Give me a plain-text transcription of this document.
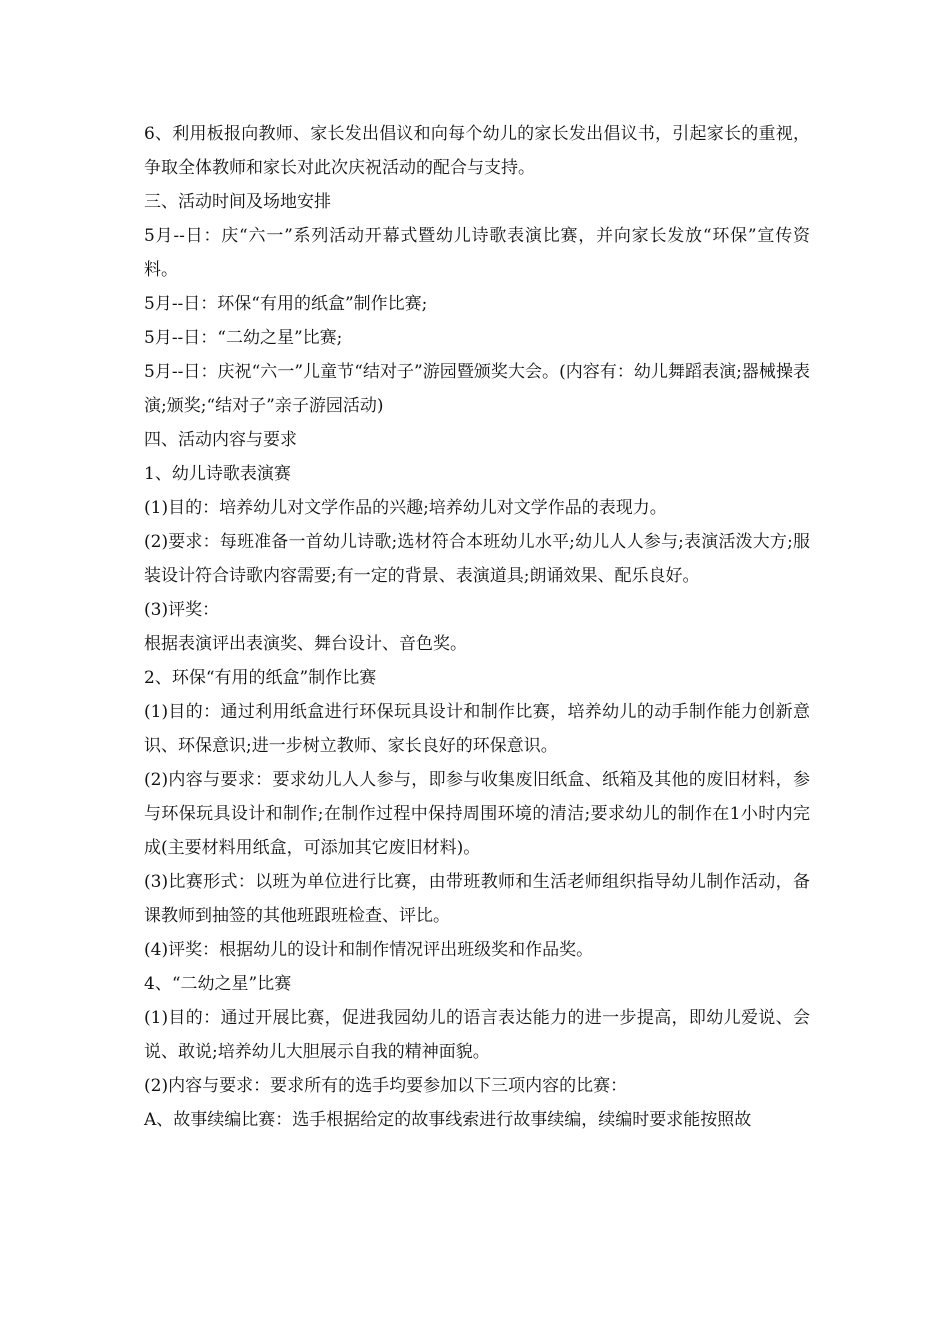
6、利用板报向教师、家长发出倡议和向每个幼儿的家长发出倡议书，引起家长的重视，争取全体教师和家长对此次庆祝活动的配合与支持。

三、活动时间及场地安排

5月--日：庆“六一”系列活动开幕式暨幼儿诗歌表演比赛，并向家长发放“环保”宣传资料。

5月--日：环保“有用的纸盒”制作比赛;

5月--日：“二幼之星”比赛;

5月--日：庆祝“六一”儿童节“结对子”游园暨颁奖大会。(内容有：幼儿舞蹈表演;器械操表演;颁奖;“结对子”亲子游园活动)

四、活动内容与要求

1、幼儿诗歌表演赛

(1)目的：培养幼儿对文学作品的兴趣;培养幼儿对文学作品的表现力。

(2)要求：每班准备一首幼儿诗歌;选材符合本班幼儿水平;幼儿人人参与;表演活泼大方;服装设计符合诗歌内容需要;有一定的背景、表演道具;朗诵效果、配乐良好。

(3)评奖：

根据表演评出表演奖、舞台设计、音色奖。

2、环保“有用的纸盒”制作比赛

(1)目的：通过利用纸盒进行环保玩具设计和制作比赛，培养幼儿的动手制作能力创新意识、环保意识;进一步树立教师、家长良好的环保意识。

(2)内容与要求：要求幼儿人人参与，即参与收集废旧纸盒、纸箱及其他的废旧材料，参与环保玩具设计和制作;在制作过程中保持周围环境的清洁;要求幼儿的制作在1小时内完成(主要材料用纸盒，可添加其它废旧材料)。

(3)比赛形式：以班为单位进行比赛，由带班教师和生活老师组织指导幼儿制作活动，备课教师到抽签的其他班跟班检查、评比。

(4)评奖：根据幼儿的设计和制作情况评出班级奖和作品奖。

4、“二幼之星”比赛

(1)目的：通过开展比赛，促进我园幼儿的语言表达能力的进一步提高，即幼儿爱说、会说、敢说;培养幼儿大胆展示自我的精神面貌。

(2)内容与要求：要求所有的选手均要参加以下三项内容的比赛：

A、故事续编比赛：选手根据给定的故事线索进行故事续编，续编时要求能按照故
